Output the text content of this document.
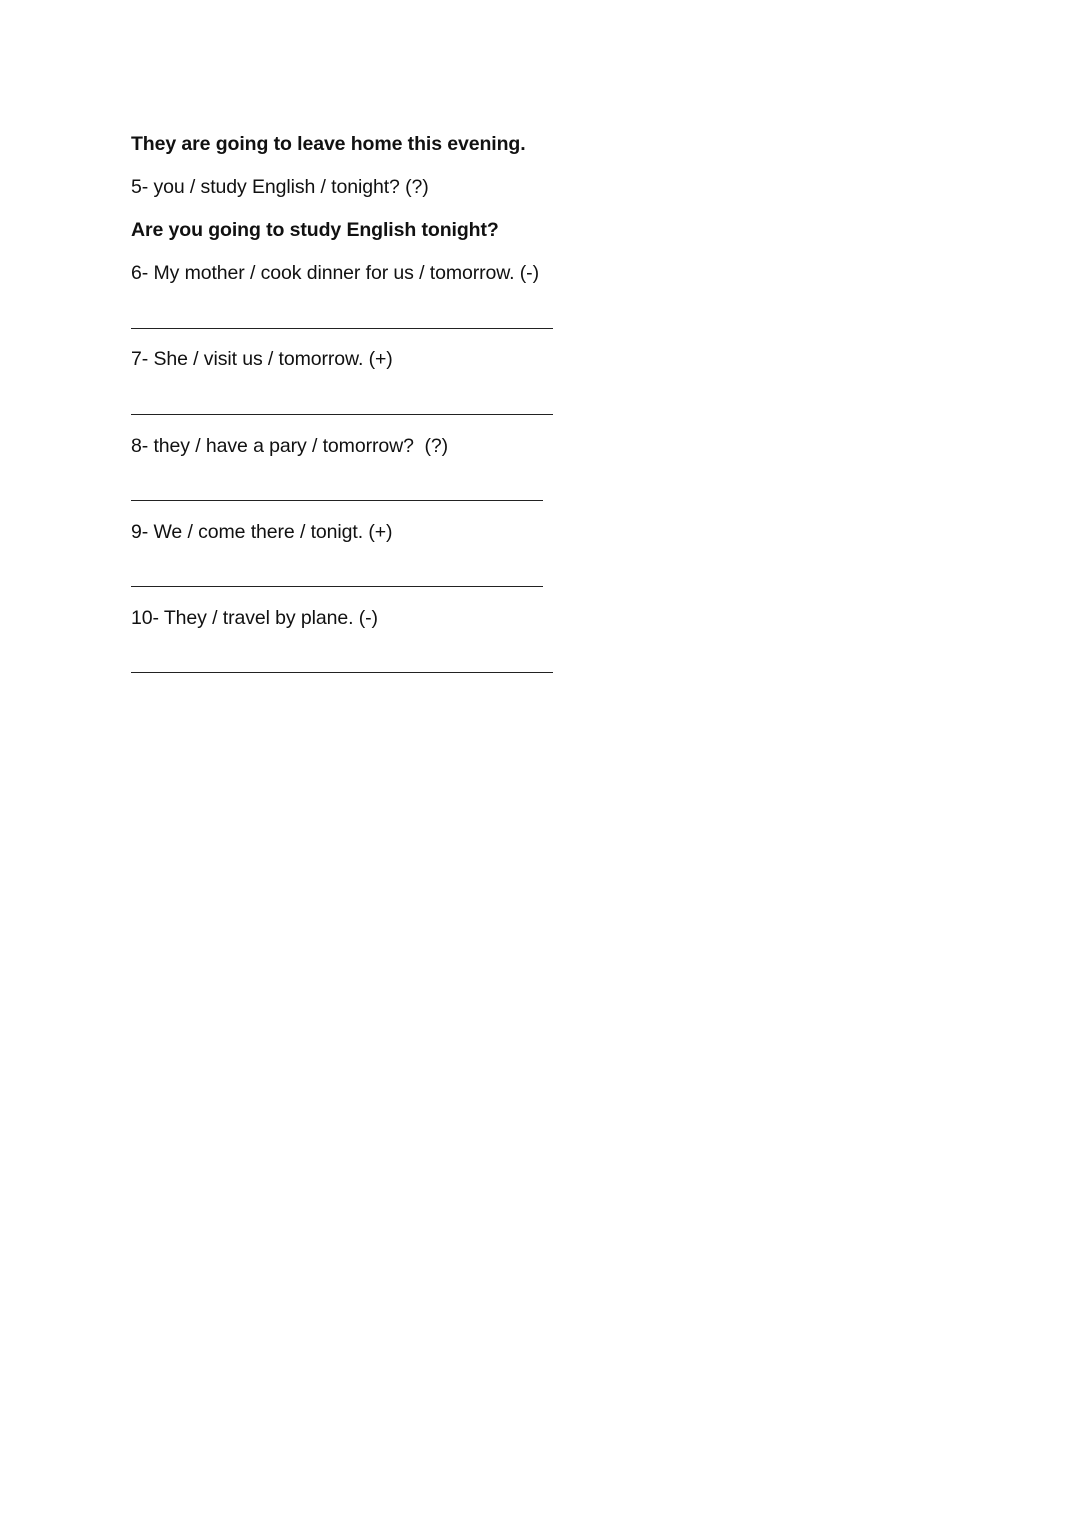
They are going to leave home this evening.
5- you / study English / tonight? (?)
Are you going to study English tonight?
6- My mother / cook dinner for us / tomorrow. (-)
7- She / visit us / tomorrow. (+)
8- they / have a pary / tomorrow?  (?)
9- We / come there / tonigt. (+)
10- They / travel by plane. (-)
